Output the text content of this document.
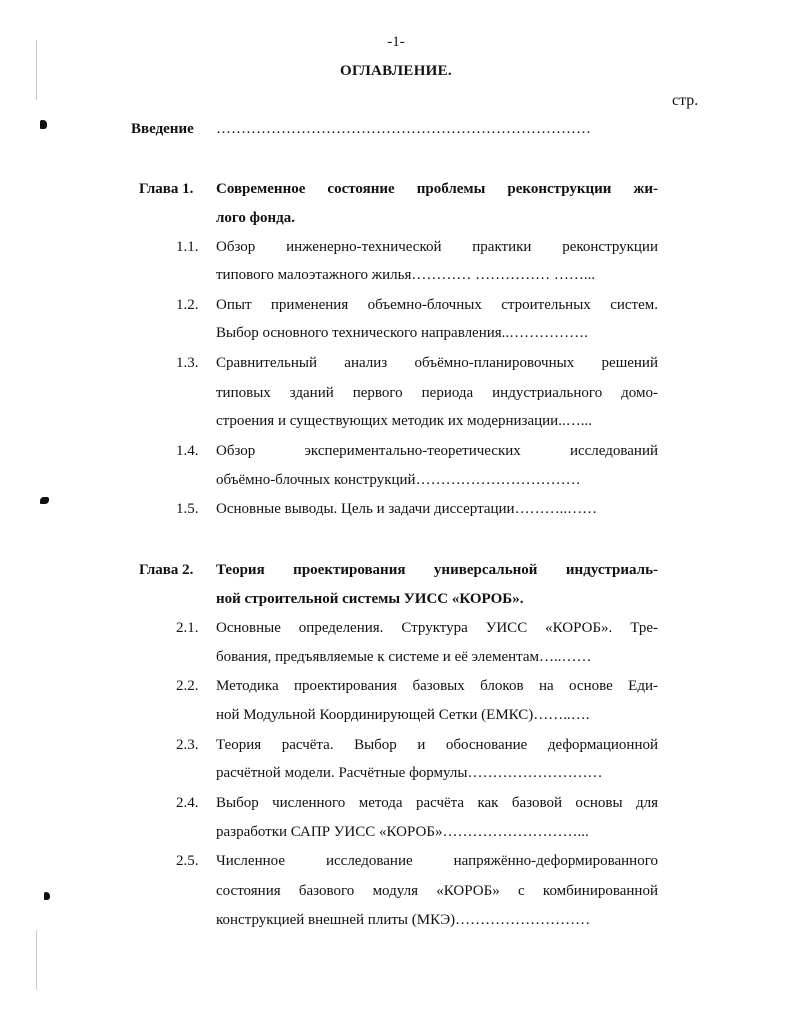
-1-
ОГЛАВЛЕНИЕ.
стр.
Введение …………………………………………………………………
Глава 1. Современное состояние проблемы реконструкции жи-
лого фонда.
1.1. Обзор инженерно-технической практики реконструкции
типового малоэтажного жилья………… …………… ……...
1.2. Опыт применения объемно-блочных строительных систем.
Выбор основного технического направления..…………….
1.3. Сравнительный анализ объёмно-планировочных решений
типовых зданий первого периода индустриального домо-
строения и существующих методик их модернизации..…...
1.4. Обзор экспериментально-теоретических исследований
объёмно-блочных конструкций……………………………
1.5. Основные выводы. Цель и задачи диссертации………..……
Глава 2. Теория проектирования универсальной индустриаль-
ной строительной системы УИСС «КОРОБ».
2.1. Основные определения. Структура УИСС «КОРОБ». Тре-
бования, предъявляемые к системе и её элементам…..……
2.2. Методика проектирования базовых блоков на основе Еди-
ной Модульной Координирующей Сетки (ЕМКС)……..….
2.3. Теория расчёта. Выбор и обоснование деформационной
расчётной модели. Расчётные формулы………………………
2.4. Выбор численного метода расчёта как базовой основы для
разработки САПР УИСС «КОРОБ»………………………...
2.5. Численное исследование напряжённо-деформированного
состояния базового модуля «КОРОБ» с комбинированной
конструкцией внешней плиты (МКЭ)………………………
